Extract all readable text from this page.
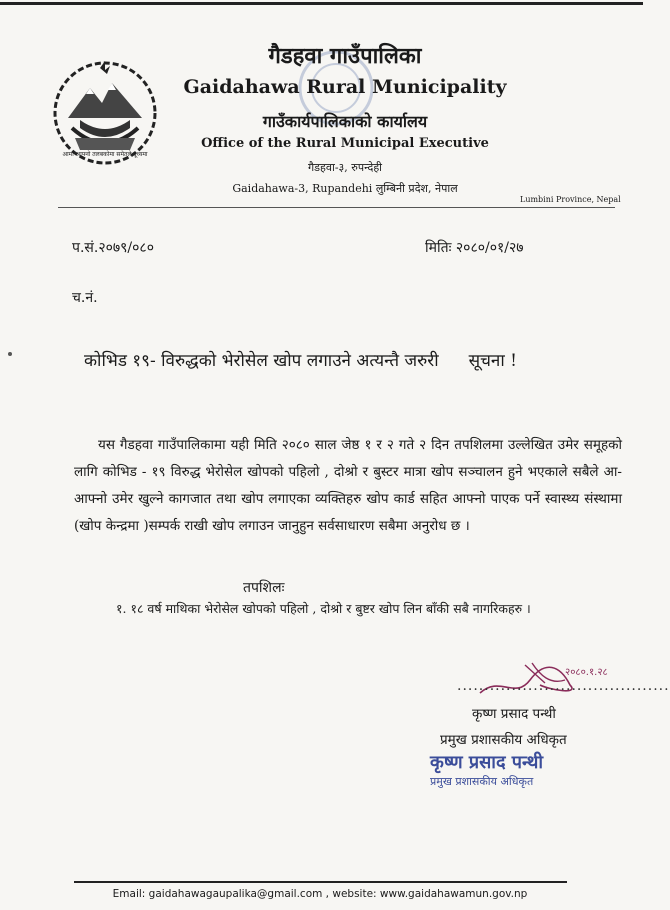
आमा आफ्नो तलबकोमा समेतले दूध्यमा
गैडहवा गाउँपालिका
Gaidahawa Rural Municipality
गाउँकार्यपालिकाको कार्यालय
Office of the Rural Municipal Executive
गैडहवा-३, रुपन्देही
Gaidahawa-3, Rupandehi लुम्बिनी प्रदेश, नेपाल
Lumbini Province, Nepal
प.सं.२०७९/०८०	मितिः २०८०/०१/२७
च.नं.
कोभिड १९- विरुद्धको भेरोसेल खोप लगाउने अत्यन्तै जरुरी सूचना !

यस गैडहवा गाउँपालिकामा यही मिति २०८० साल जेष्ठ १ र २ गते २ दिन तपशिलमा उल्लेखित उमेर समूहको लागि कोभिड - १९ विरुद्ध भेरोसेल खोपको पहिलो , दोश्रो र बुस्टर मात्रा खोप सञ्चालन हुने भएकाले सबैले आ-आफ्नो उमेर खुल्ने कागजात तथा खोप लगाएका व्यक्तिहरु खोप कार्ड सहित आफ्नो पाएक पर्ने स्वास्थ्य संस्थामा (खोप केन्द्रमा )सम्पर्क राखी खोप लगाउन जानुहुन सर्वसाधारण सबैमा अनुरोध छ ।

तपशिलः
१. १८ वर्ष माथिका भेरोसेल खोपको पहिलो , दोश्रो र बुष्टर खोप लिन बाँकी सबै नागरिकहरु ।
२०८०.१.२८
.......................................
कृष्ण प्रसाद पन्थी
प्रमुख प्रशासकीय अधिकृत
कृष्ण प्रसाद पन्थी
प्रमुख प्रशासकीय अधिकृत
Email: gaidahawagaupalika@gmail.com , website: www.gaidahawamun.gov.np
